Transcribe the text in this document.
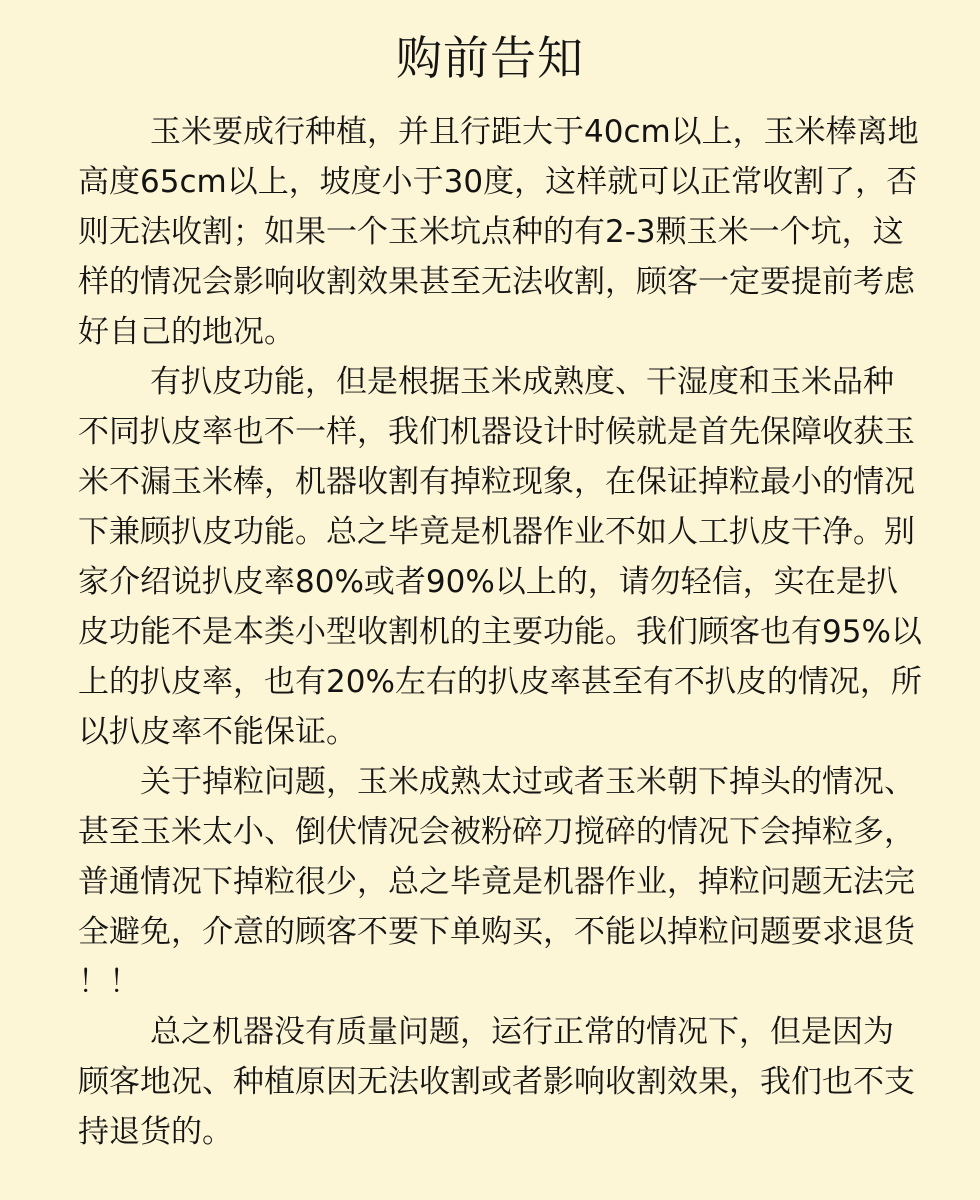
购前告知

玉米要成行种植，并且行距大于40cm以上，玉米棒离地

高度65cm以上，坡度小于30度，这样就可以正常收割了，否

则无法收割；如果一个玉米坑点种的有2-3颗玉米一个坑，这

样的情况会影响收割效果甚至无法收割，顾客一定要提前考虑

好自己的地况。

有扒皮功能，但是根据玉米成熟度、干湿度和玉米品种

不同扒皮率也不一样，我们机器设计时候就是首先保障收获玉

米不漏玉米棒，机器收割有掉粒现象，在保证掉粒最小的情况

下兼顾扒皮功能。总之毕竟是机器作业不如人工扒皮干净。别

家介绍说扒皮率80%或者90%以上的，请勿轻信，实在是扒

皮功能不是本类小型收割机的主要功能。我们顾客也有95%以

上的扒皮率，也有20%左右的扒皮率甚至有不扒皮的情况，所

以扒皮率不能保证。

关于掉粒问题，玉米成熟太过或者玉米朝下掉头的情况、

甚至玉米太小、倒伏情况会被粉碎刀搅碎的情况下会掉粒多，

普通情况下掉粒很少，总之毕竟是机器作业，掉粒问题无法完

全避免，介意的顾客不要下单购买，不能以掉粒问题要求退货

！！

总之机器没有质量问题，运行正常的情况下，但是因为

顾客地况、种植原因无法收割或者影响收割效果，我们也不支

持退货的。
